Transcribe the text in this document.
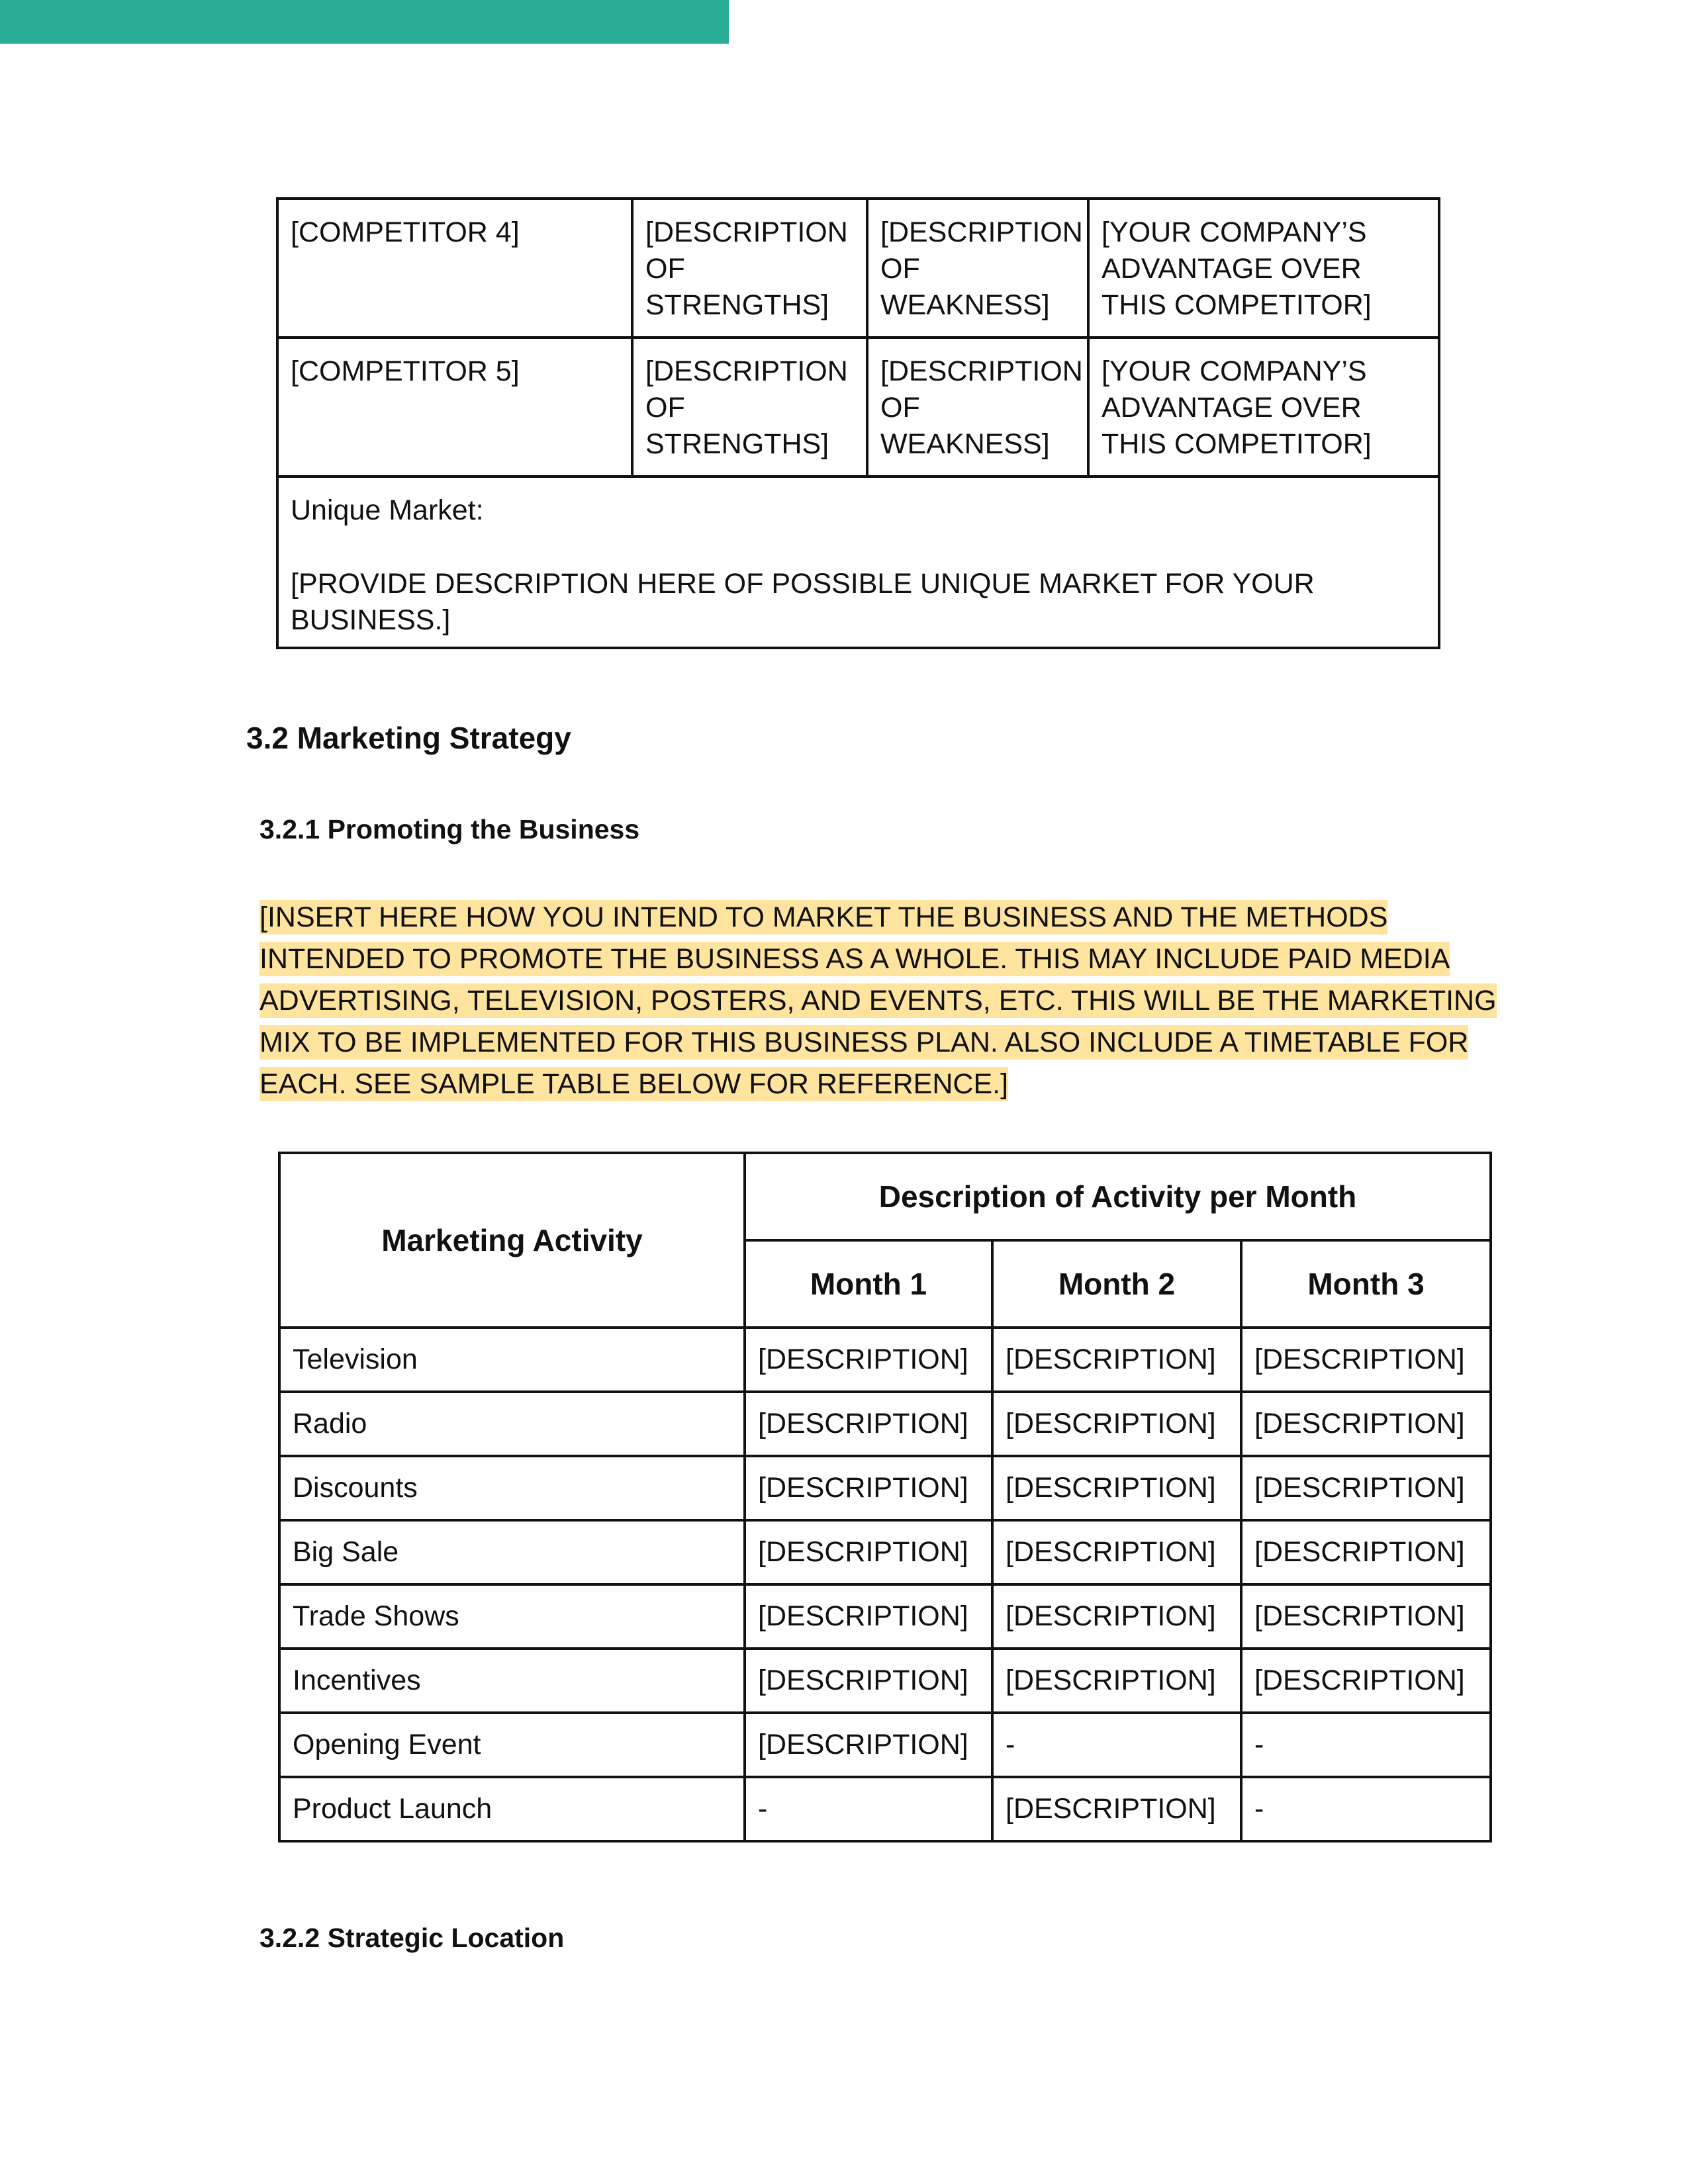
[COMPETITOR 4]	[DESCRIPTION OF STRENGTHS]	[DESCRIPTION OF WEAKNESS]	[YOUR COMPANY’S ADVANTAGE OVER THIS COMPETITOR]
[COMPETITOR 5]	[DESCRIPTION OF STRENGTHS]	[DESCRIPTION OF WEAKNESS]	[YOUR COMPANY’S ADVANTAGE OVER THIS COMPETITOR]

Unique Market:
[PROVIDE DESCRIPTION HERE OF POSSIBLE UNIQUE MARKET FOR YOUR BUSINESS.]			
3.2 Marketing Strategy
3.2.1 Promoting the Business

[INSERT HERE HOW YOU INTEND TO MARKET THE BUSINESS AND THE METHODS INTENDED TO PROMOTE THE BUSINESS AS A WHOLE. THIS MAY INCLUDE PAID MEDIA ADVERTISING, TELEVISION, POSTERS, AND EVENTS, ETC. THIS WILL BE THE MARKETING MIX TO BE IMPLEMENTED FOR THIS BUSINESS PLAN. ALSO INCLUDE A TIMETABLE FOR EACH. SEE SAMPLE TABLE BELOW FOR REFERENCE.]

Marketing Activity	Description of Activity per Month		
	Month 1	Month 2	Month 3
Television	[DESCRIPTION]	[DESCRIPTION]	[DESCRIPTION]
Radio	[DESCRIPTION]	[DESCRIPTION]	[DESCRIPTION]
Discounts	[DESCRIPTION]	[DESCRIPTION]	[DESCRIPTION]
Big Sale	[DESCRIPTION]	[DESCRIPTION]	[DESCRIPTION]
Trade Shows	[DESCRIPTION]	[DESCRIPTION]	[DESCRIPTION]
Incentives	[DESCRIPTION]	[DESCRIPTION]	[DESCRIPTION]
Opening Event	[DESCRIPTION]	-	-
Product Launch	-	[DESCRIPTION]	-
3.2.2 Strategic Location
